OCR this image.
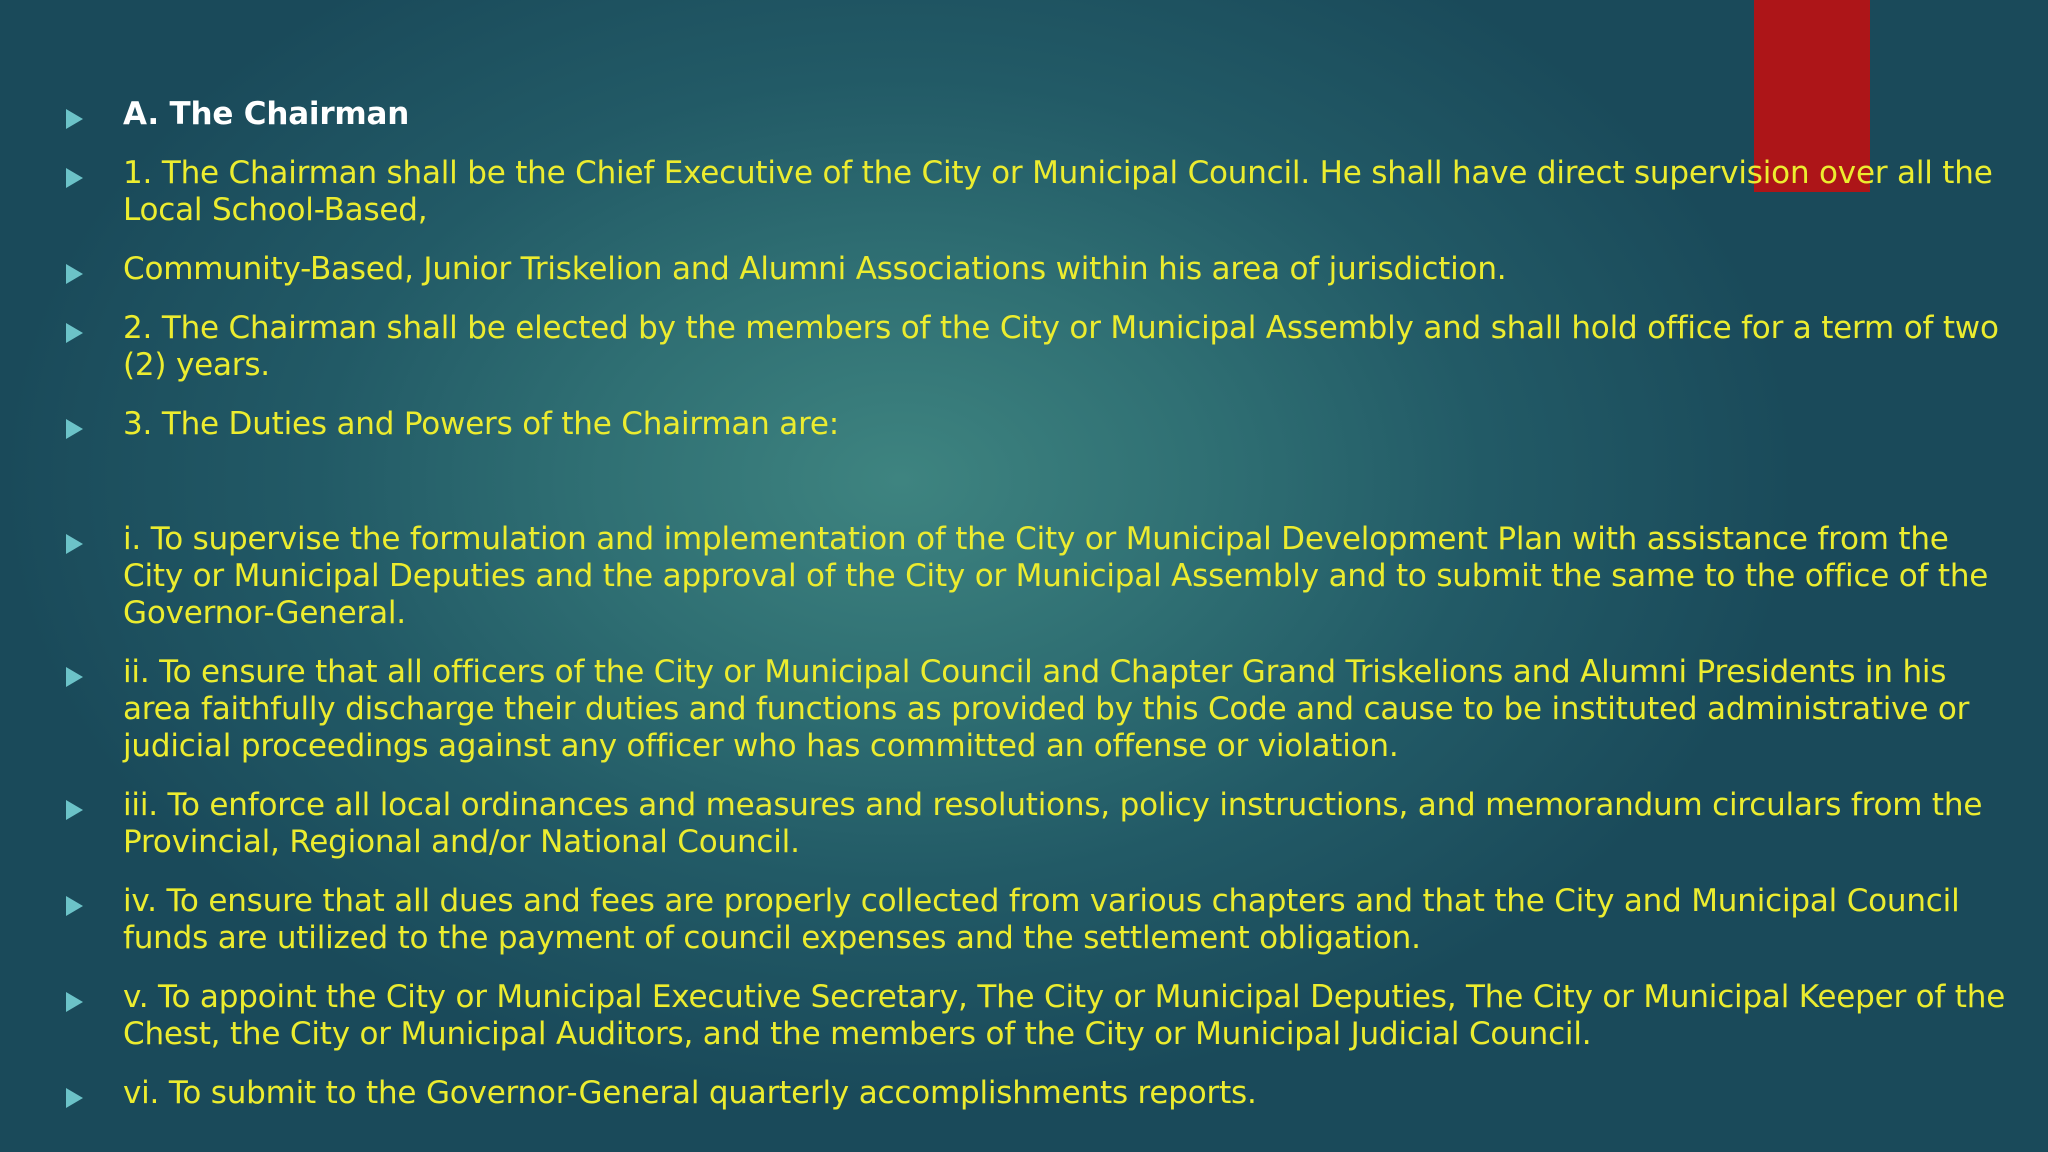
A. The Chairman
1. The Chairman shall be the Chief Executive of the City or Municipal Council. He shall have direct supervision over all the Local School-Based,
Community-Based, Junior Triskelion and Alumni Associations within his area of jurisdiction.
2. The Chairman shall be elected by the members of the City or Municipal Assembly and shall hold office for a term of two (2) years.
3. The Duties and Powers of the Chairman are:
i. To supervise the formulation and implementation of the City or Municipal Development Plan with assistance from the City or Municipal Deputies and the approval of the City or Municipal Assembly and to submit the same to the office of the Governor-General.
ii. To ensure that all officers of the City or Municipal Council and Chapter Grand Triskelions and Alumni Presidents in his area faithfully discharge their duties and functions as provided by this Code and cause to be instituted administrative or judicial proceedings against any officer who has committed an offense or violation.
iii. To enforce all local ordinances and measures and resolutions, policy instructions, and memorandum circulars from the Provincial, Regional and/or National Council.
iv. To ensure that all dues and fees are properly collected from various chapters and that the City and Municipal Council funds are utilized to the payment of council expenses and the settlement obligation.
v. To appoint the City or Municipal Executive Secretary, The City or Municipal Deputies, The City or Municipal Keeper of the Chest, the City or Municipal Auditors, and the members of the City or Municipal Judicial Council.
vi. To submit to the Governor-General quarterly accomplishments reports.
